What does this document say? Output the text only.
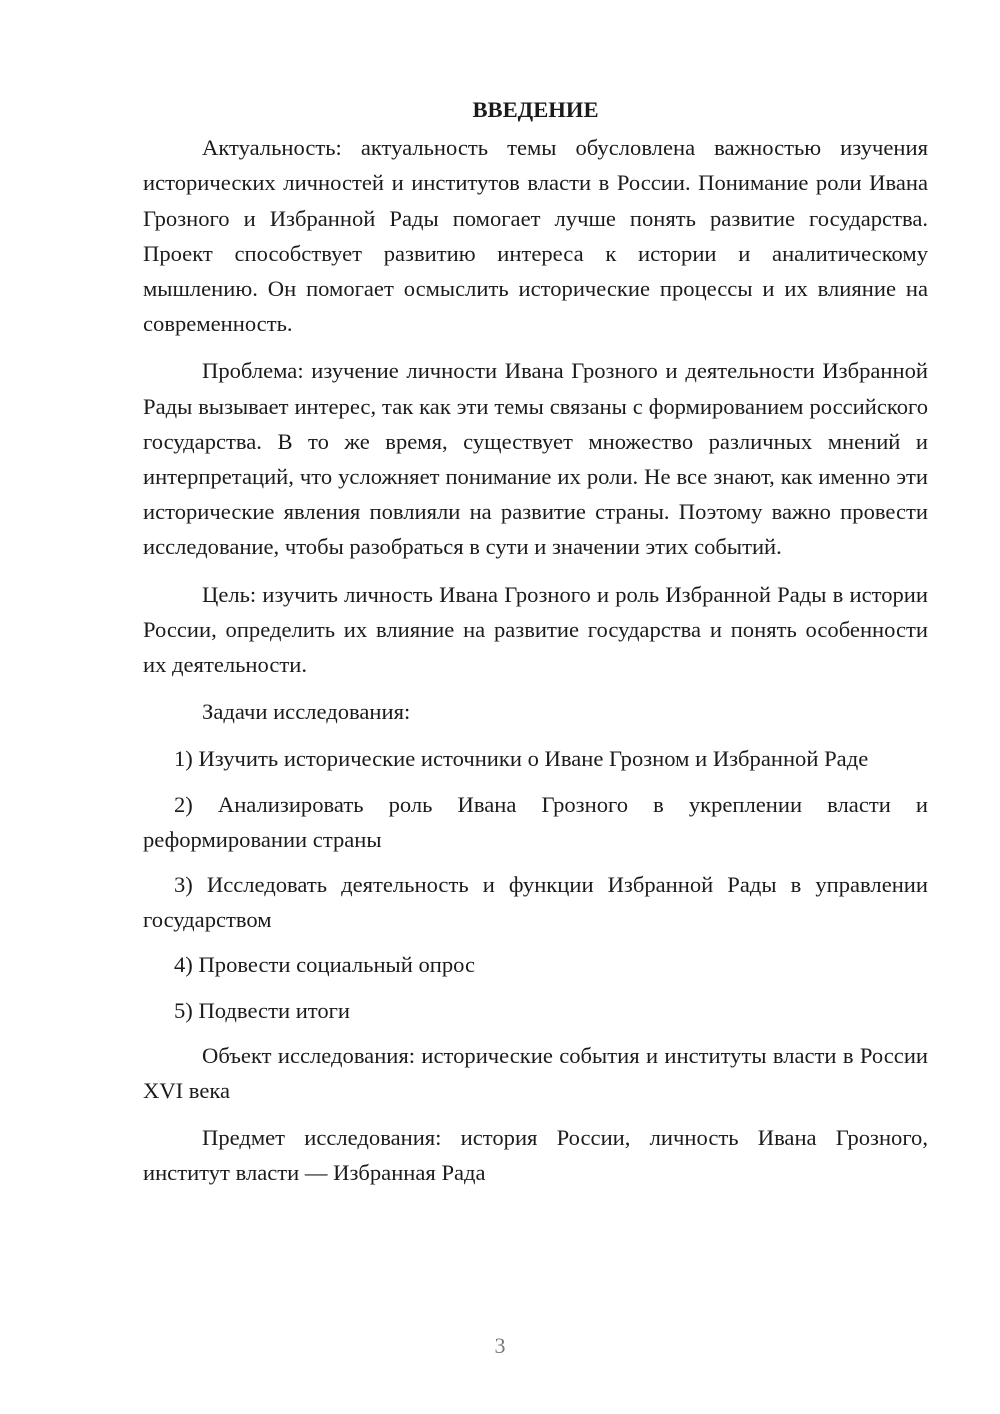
ВВЕДЕНИЕ

Актуальность: актуальность темы обусловлена важностью изучения исторических личностей и институтов власти в России. Понимание роли Ивана Грозного и Избранной Рады помогает лучше понять развитие государства. Проект способствует развитию интереса к истории и аналитическому мышлению. Он помогает осмыслить исторические процессы и их влияние на современность.

Проблема: изучение личности Ивана Грозного и деятельности Избранной Рады вызывает интерес, так как эти темы связаны с формированием российского государства. В то же время, существует множество различных мнений и интерпретаций, что усложняет понимание их роли. Не все знают, как именно эти исторические явления повлияли на развитие страны. Поэтому важно провести исследование, чтобы разобраться в сути и значении этих событий.

Цель: изучить личность Ивана Грозного и роль Избранной Рады в истории России, определить их влияние на развитие государства и понять особенности их деятельности.

Задачи исследования:

1) Изучить исторические источники о Иване Грозном и Избранной Раде

2) Анализировать роль Ивана Грозного в укреплении власти и реформировании страны

3) Исследовать деятельность и функции Избранной Рады в управлении государством

4) Провести социальный опрос

5) Подвести итоги

Объект исследования: исторические события и институты власти в России XVI века

Предмет исследования: история России, личность Ивана Грозного, институт власти — Избранная Рада

3
